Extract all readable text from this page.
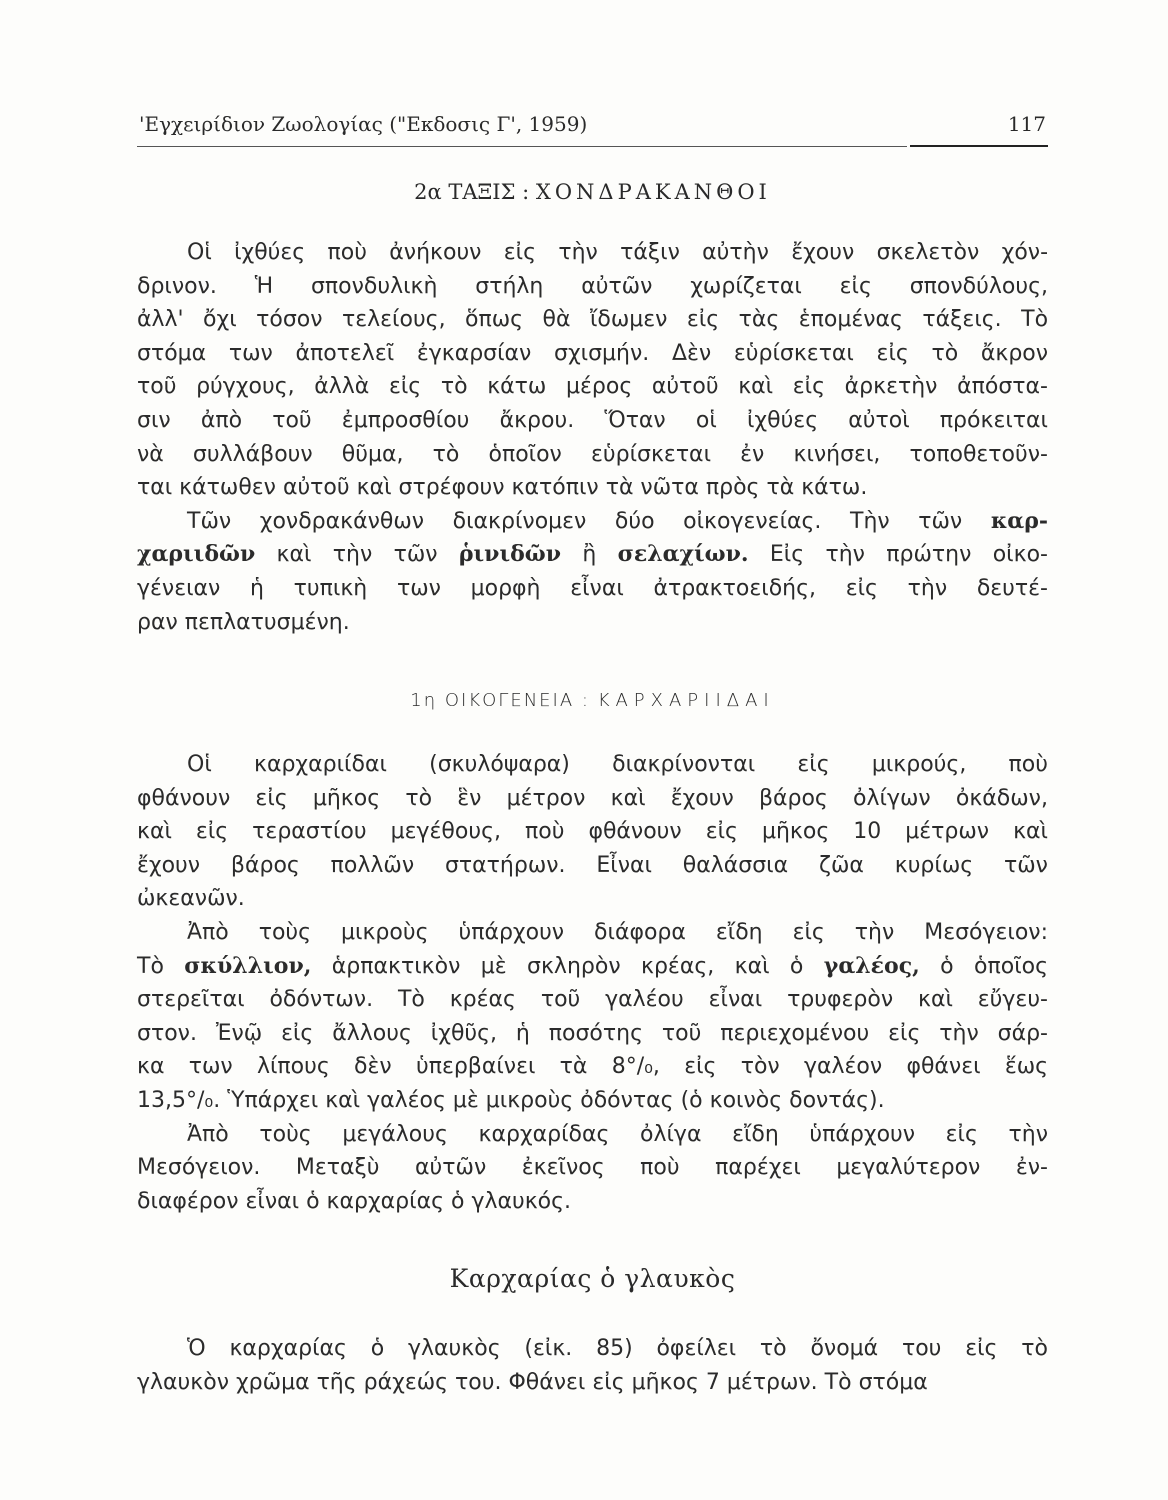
'Εγχειρίδιον Ζωολογίας ("Εκδοσις Γ', 1959)	117
2α ΤΑΞΙΣ : ΧΟΝΔΡΑΚΑΝΘΟΙ
Οἱ ἰχθύες ποὺ ἀνήκουν εἰς τὴν τάξιν αὐτὴν ἔχουν σκελετὸν χόν-
δρινον. Ἡ σπονδυλικὴ στήλη αὐτῶν χωρίζεται εἰς σπονδύλους,
ἀλλ' ὄχι τόσον τελείους, ὅπως θὰ ἴδωμεν εἰς τὰς ἑπομένας τάξεις. Τὸ
στόμα των ἀποτελεῖ ἐγκαρσίαν σχισμήν. Δὲν εὑρίσκεται εἰς τὸ ἄκρον
τοῦ ρύγχους, ἀλλὰ εἰς τὸ κάτω μέρος αὐτοῦ καὶ εἰς ἀρκετὴν ἀπόστα-
σιν ἀπὸ τοῦ ἐμπροσθίου ἄκρου. Ὅταν οἱ ἰχθύες αὐτοὶ πρόκειται
νὰ συλλάβουν θῦμα, τὸ ὁποῖον εὑρίσκεται ἐν κινήσει, τοποθετοῦν-
ται κάτωθεν αὐτοῦ καὶ στρέφουν κατόπιν τὰ νῶτα πρὸς τὰ κάτω.
Τῶν χονδρακάνθων διακρίνομεν δύο οἰκογενείας. Τὴν τῶν καρ-
χαριιδῶν καὶ τὴν τῶν ῥινιδῶν ἢ σελαχίων. Εἰς τὴν πρώτην οἰκο-
γένειαν ἡ τυπικὴ των μορφὴ εἶναι ἀτρακτοειδής, εἰς τὴν δευτέ-
ραν πεπλατυσμένη.
1η ΟΙΚΟΓΕΝΕΙΑ : ΚΑΡΧΑΡΙΙΔΑΙ
Οἱ καρχαριίδαι (σκυλόψαρα) διακρίνονται εἰς μικρούς, ποὺ
φθάνουν εἰς μῆκος τὸ ἓν μέτρον καὶ ἔχουν βάρος ὀλίγων ὀκάδων,
καὶ εἰς τεραστίου μεγέθους, ποὺ φθάνουν εἰς μῆκος 10 μέτρων καὶ
ἔχουν βάρος πολλῶν στατήρων. Εἶναι θαλάσσια ζῶα κυρίως τῶν
ὠκεανῶν.
Ἀπὸ τοὺς μικροὺς ὑπάρχουν διάφορα εἴδη εἰς τὴν Μεσόγειον:
Τὸ σκύλλιον, ἁρπακτικὸν μὲ σκληρὸν κρέας, καὶ ὁ γαλέος, ὁ ὁποῖος
στερεῖται ὀδόντων. Τὸ κρέας τοῦ γαλέου εἶναι τρυφερὸν καὶ εὔγευ-
στον. Ἐνῷ εἰς ἄλλους ἰχθῦς, ἡ ποσότης τοῦ περιεχομένου εἰς τὴν σάρ-
κα των λίπους δὲν ὑπερβαίνει τὰ 8°/₀, εἰς τὸν γαλέον φθάνει ἕως
13,5°/₀. Ὑπάρχει καὶ γαλέος μὲ μικροὺς ὀδόντας (ὁ κοινὸς δοντάς).
Ἀπὸ τοὺς μεγάλους καρχαρίδας ὀλίγα εἴδη ὑπάρχουν εἰς τὴν
Μεσόγειον. Μεταξὺ αὐτῶν ἐκεῖνος ποὺ παρέχει μεγαλύτερον ἐν-
διαφέρον εἶναι ὁ καρχαρίας ὁ γλαυκός.
Καρχαρίας ὁ γλαυκὸς
Ὁ καρχαρίας ὁ γλαυκὸς (εἰκ. 85) ὀφείλει τὸ ὄνομά του εἰς τὸ
γλαυκὸν χρῶμα τῆς ράχεώς του. Φθάνει εἰς μῆκος 7 μέτρων. Τὸ στόμα
